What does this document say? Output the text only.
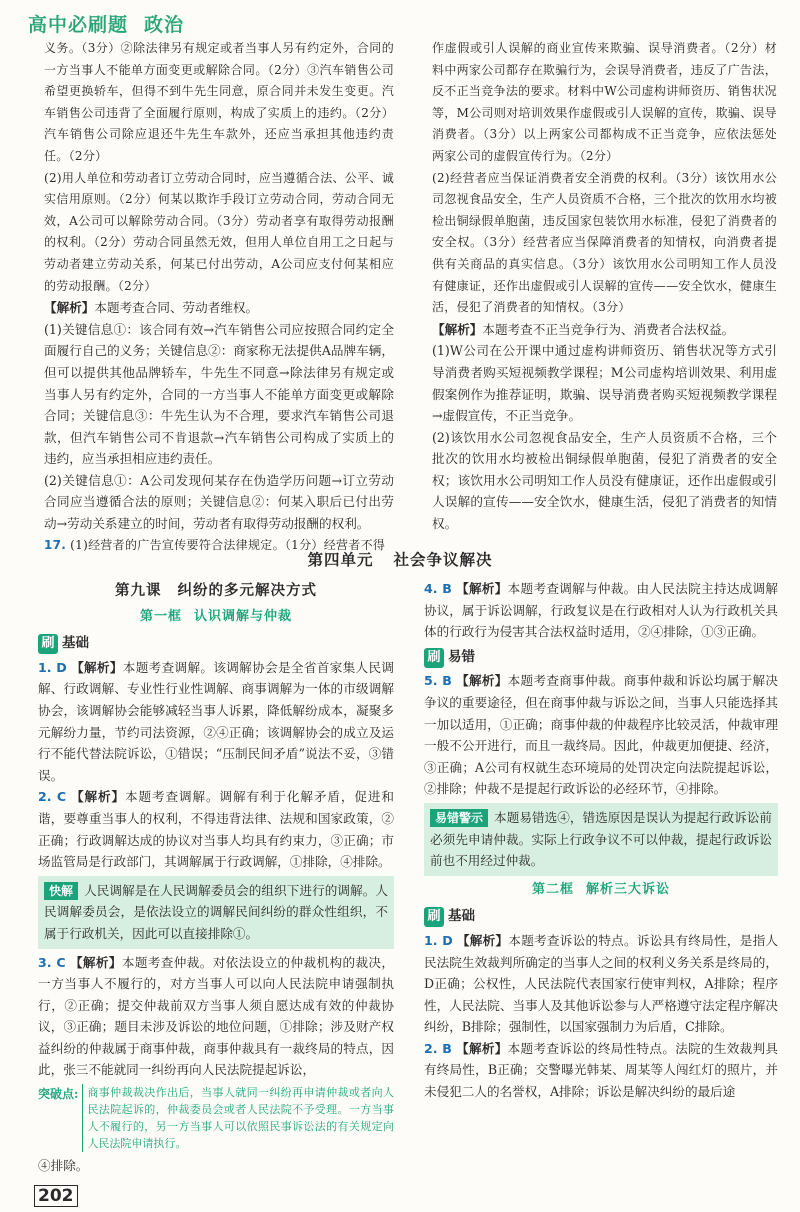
高中必刷题 政治

义务。（3分）②除法律另有规定或者当事人另有约定外，合同的一方当事人不能单方面变更或解除合同。（2分）③汽车销售公司希望更换轿车，但得不到牛先生同意，原合同并未发生变更。汽车销售公司违背了全面履行原则，构成了实质上的违约。（2分）汽车销售公司除应退还牛先生车款外，还应当承担其他违约责任。（2分）

(2)用人单位和劳动者订立劳动合同时，应当遵循合法、公平、诚实信用原则。（2分）何某以欺诈手段订立劳动合同，劳动合同无效，A公司可以解除劳动合同。（3分）劳动者享有取得劳动报酬的权利。（2分）劳动合同虽然无效，但用人单位自用工之日起与劳动者建立劳动关系，何某已付出劳动，A公司应支付何某相应的劳动报酬。（2分）

【解析】本题考查合同、劳动者维权。

(1)关键信息①：该合同有效→汽车销售公司应按照合同约定全面履行自己的义务；关键信息②：商家称无法提供A品牌车辆，但可以提供其他品牌轿车，牛先生不同意→除法律另有规定或当事人另有约定外，合同的一方当事人不能单方面变更或解除合同；关键信息③：牛先生认为不合理，要求汽车销售公司退款，但汽车销售公司不肯退款→汽车销售公司构成了实质上的违约，应当承担相应违约责任。

(2)关键信息①：A公司发现何某存在伪造学历问题→订立劳动合同应当遵循合法的原则；关键信息②：何某入职后已付出劳动→劳动关系建立的时间，劳动者有取得劳动报酬的权利。

17. (1)经营者的广告宣传要符合法律规定。（1分）经营者不得

作虚假或引人误解的商业宣传来欺骗、误导消费者。（2分）材料中两家公司都存在欺骗行为，会误导消费者，违反了广告法，反不正当竞争法的要求。材料中W公司虚构讲师资历、销售状况等，M公司则对培训效果作虚假或引人误解的宣传，欺骗、误导消费者。（3分）以上两家公司都构成不正当竞争，应依法惩处两家公司的虚假宣传行为。（2分）

(2)经营者应当保证消费者安全消费的权利。（3分）该饮用水公司忽视食品安全，生产人员资质不合格，三个批次的饮用水均被检出铜绿假单胞菌，违反国家包装饮用水标准，侵犯了消费者的安全权。（3分）经营者应当保障消费者的知情权，向消费者提供有关商品的真实信息。（3分）该饮用水公司明知工作人员没有健康证，还作出虚假或引人误解的宣传——安全饮水，健康生活，侵犯了消费者的知情权。（3分）

【解析】本题考查不正当竞争行为、消费者合法权益。

(1)W公司在公开课中通过虚构讲师资历、销售状况等方式引导消费者购买短视频教学课程；M公司虚构培训效果、利用虚假案例作为推荐证明，欺骗、误导消费者购买短视频教学课程→虚假宣传，不正当竞争。

(2)该饮用水公司忽视食品安全，生产人员资质不合格，三个批次的饮用水均被检出铜绿假单胞菌，侵犯了消费者的安全权；该饮用水公司明知工作人员没有健康证，还作出虚假或引人误解的宣传——安全饮水，健康生活，侵犯了消费者的知情权。

第四单元 社会争议解决
第九课 纠纷的多元解决方式
第一框 认识调解与仲裁
刷 基础

1. D 【解析】本题考查调解。该调解协会是全省首家集人民调解、行政调解、专业性行业性调解、商事调解为一体的市级调解协会，该调解协会能够减轻当事人诉累，降低解纷成本，凝聚多元解纷力量，节约司法资源，②④正确；该调解协会的成立及运行不能代替法院诉讼，①错误；“压制民间矛盾”说法不妥，③错误。

2. C 【解析】本题考查调解。调解有利于化解矛盾，促进和谐，要尊重当事人的权利，不得违背法律、法规和国家政策，②正确；行政调解达成的协议对当事人均具有约束力，③正确；市场监管局是行政部门，其调解属于行政调解，①排除，④排除。

快解 人民调解是在人民调解委员会的组织下进行的调解。人民调解委员会，是依法设立的调解民间纠纷的群众性组织，不属于行政机关，因此可以直接排除①。

3. C 【解析】本题考查仲裁。对依法设立的仲裁机构的裁决，一方当事人不履行的，对方当事人可以向人民法院申请强制执行，②正确；提交仲裁前双方当事人须自愿达成有效的仲裁协议，③正确；题目未涉及诉讼的地位问题，①排除；涉及财产权益纠纷的仲裁属于商事仲裁，商事仲裁具有一裁终局的特点，因此，张三不能就同一纠纷再向人民法院提起诉讼，

突破点: 商事仲裁裁决作出后，当事人就同一纠纷再申请仲裁或者向人民法院起诉的，仲裁委员会或者人民法院不予受理。一方当事人不履行的，另一方当事人可以依照民事诉讼法的有关规定向人民法院申请执行。

④排除。

4. B 【解析】本题考查调解与仲裁。由人民法院主持达成调解协议，属于诉讼调解，行政复议是在行政相对人认为行政机关具体的行政行为侵害其合法权益时适用，②④排除，①③正确。

刷 易错

5. B 【解析】本题考查商事仲裁。商事仲裁和诉讼均属于解决争议的重要途径，但在商事仲裁与诉讼之间，当事人只能选择其一加以适用，①正确；商事仲裁的仲裁程序比较灵活，仲裁审理一般不公开进行，而且一裁终局。因此，仲裁更加便捷、经济，③正确；A公司有权就生态环境局的处罚决定向法院提起诉讼，②排除；仲裁不是提起行政诉讼的必经环节，④排除。

易错警示 本题易错选④，错选原因是误认为提起行政诉讼前必须先申请仲裁。实际上行政争议不可以仲裁，提起行政诉讼前也不用经过仲裁。
第二框 解析三大诉讼
刷 基础

1. D 【解析】本题考查诉讼的特点。诉讼具有终局性，是指人民法院生效裁判所确定的当事人之间的权利义务关系是终局的，D正确；公权性，人民法院代表国家行使审判权，A排除；程序性，人民法院、当事人及其他诉讼参与人严格遵守法定程序解决纠纷，B排除；强制性，以国家强制力为后盾，C排除。

2. B 【解析】本题考查诉讼的终局性特点。法院的生效裁判具有终局性，B正确；交警曝光韩某、周某等人闯红灯的照片，并未侵犯二人的名誉权，A排除；诉讼是解决纠纷的最后途

202
